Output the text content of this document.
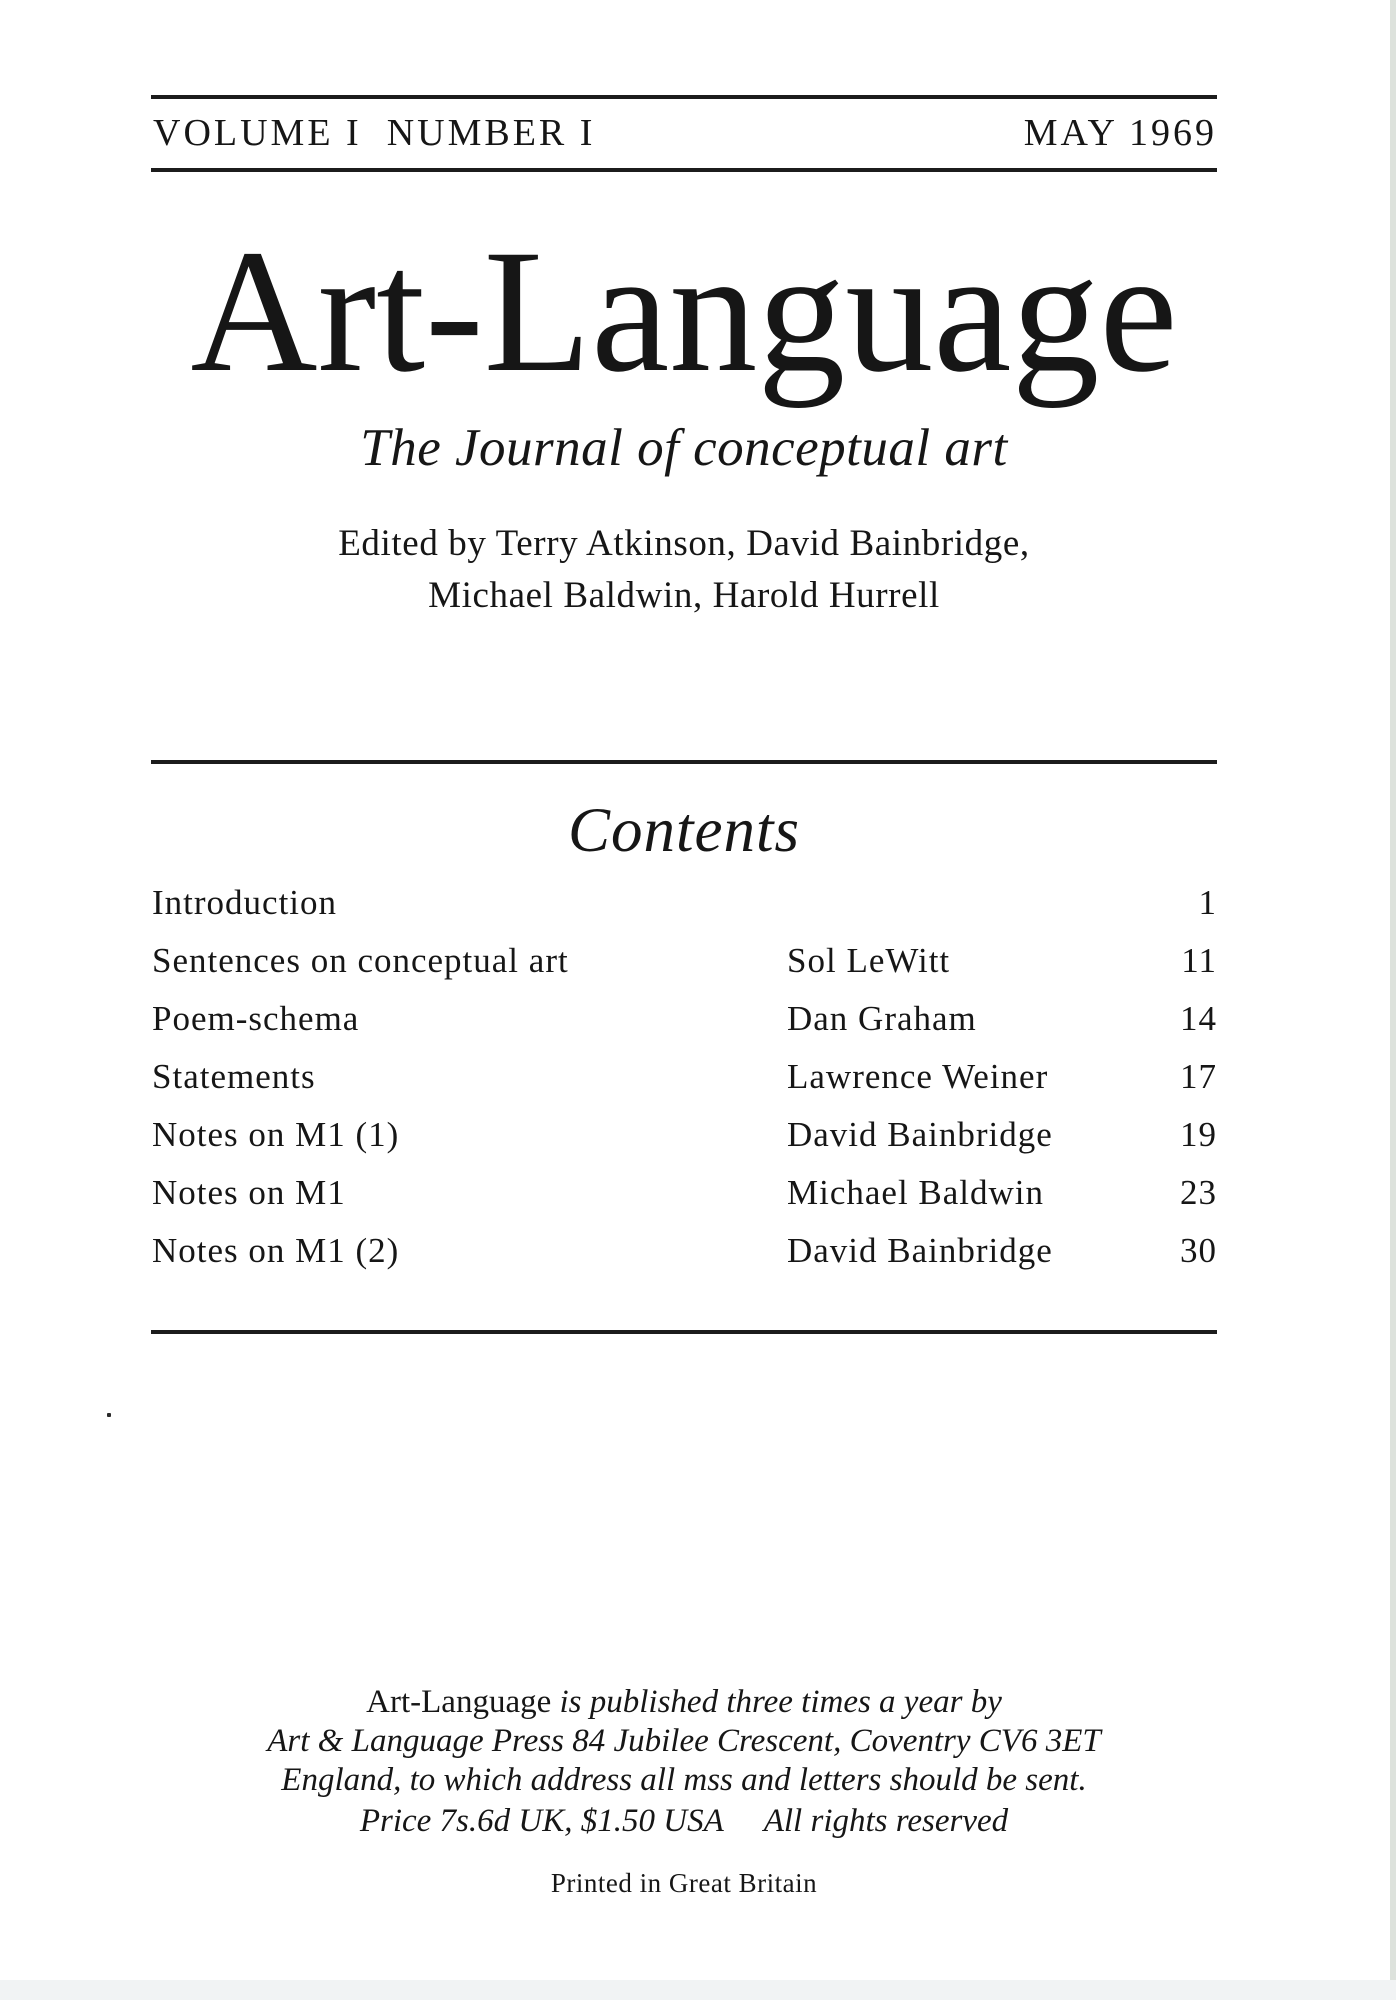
VOLUME I  NUMBER I	MAY 1969
Art-Language
The Journal of conceptual art
Edited by Terry Atkinson, David Bainbridge,
Michael Baldwin, Harold Hurrell
Contents
Introduction	1
Sentences on conceptual art	Sol LeWitt	11
Poem-schema	Dan Graham	14
Statements	Lawrence Weiner	17
Notes on M1 (1)	David Bainbridge	19
Notes on M1	Michael Baldwin	23
Notes on M1 (2)	David Bainbridge	30
Art-Language is published three times a year by
Art & Language Press 84 Jubilee Crescent, Coventry CV6 3ET
England, to which address all mss and letters should be sent.
Price 7s.6d UK, $1.50 USA All rights reserved
Printed in Great Britain
